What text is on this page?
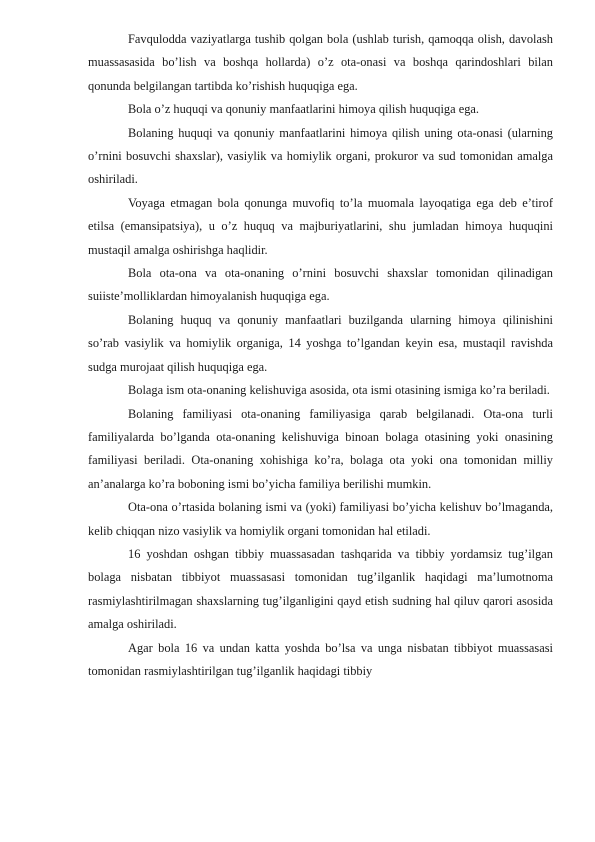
Favqulodda vaziyatlarga tushib qolgan bola (ushlab turish, qamoqqa olish, davolash muassasasida bo’lish va boshqa hollarda) o’z ota-onasi va boshqa qarindoshlari bilan qonunda belgilangan tartibda ko’rishish huquqiga ega.

Bola o’z huquqi va qonuniy manfaatlarini himoya qilish huquqiga ega.

Bolaning huquqi va qonuniy manfaatlarini himoya qilish uning ota-onasi (ularning o’rnini bosuvchi shaxslar), vasiylik va homiylik organi, prokuror va sud tomonidan amalga oshiriladi.

Voyaga etmagan bola qonunga muvofiq to’la muomala layoqatiga ega deb e’tirof etilsa (emansipatsiya), u o’z huquq va majburiyatlarini, shu jumladan himoya huquqini mustaqil amalga oshirishga haqlidir.

Bola ota-ona va ota-onaning o’rnini bosuvchi shaxslar tomonidan qilinadigan suiiste’molliklardan himoyalanish huquqiga ega.

Bolaning huquq va qonuniy manfaatlari buzilganda ularning himoya qilinishini so’rab vasiylik va homiylik organiga, 14 yoshga to’lgandan keyin esa, mustaqil ravishda sudga murojaat qilish huquqiga ega.

Bolaga ism ota-onaning kelishuviga asosida, ota ismi otasining ismiga ko’ra beriladi.

Bolaning familiyasi ota-onaning familiyasiga qarab belgilanadi. Ota-ona turli familiyalarda bo’lganda ota-onaning kelishuviga binoan bolaga otasining yoki onasining familiyasi beriladi. Ota-onaning xohishiga ko’ra, bolaga ota yoki ona tomonidan milliy an’analarga ko’ra boboning ismi bo’yicha familiya berilishi mumkin.

Ota-ona o’rtasida bolaning ismi va (yoki) familiyasi bo’yicha kelishuv bo’lmaganda, kelib chiqqan nizo vasiylik va homiylik organi tomonidan hal etiladi.

16 yoshdan oshgan tibbiy muassasadan tashqarida va tibbiy yordamsiz tug’ilgan bolaga nisbatan tibbiyot muassasasi tomonidan tug’ilganlik haqidagi ma’lumotnoma rasmiylashtirilmagan shaxslarning tug’ilganligini qayd etish sudning hal qiluv qarori asosida amalga oshiriladi.

Agar bola 16 va undan katta yoshda bo’lsa va unga nisbatan tibbiyot muassasasi tomonidan rasmiylashtirilgan tug’ilganlik haqidagi tibbiy
